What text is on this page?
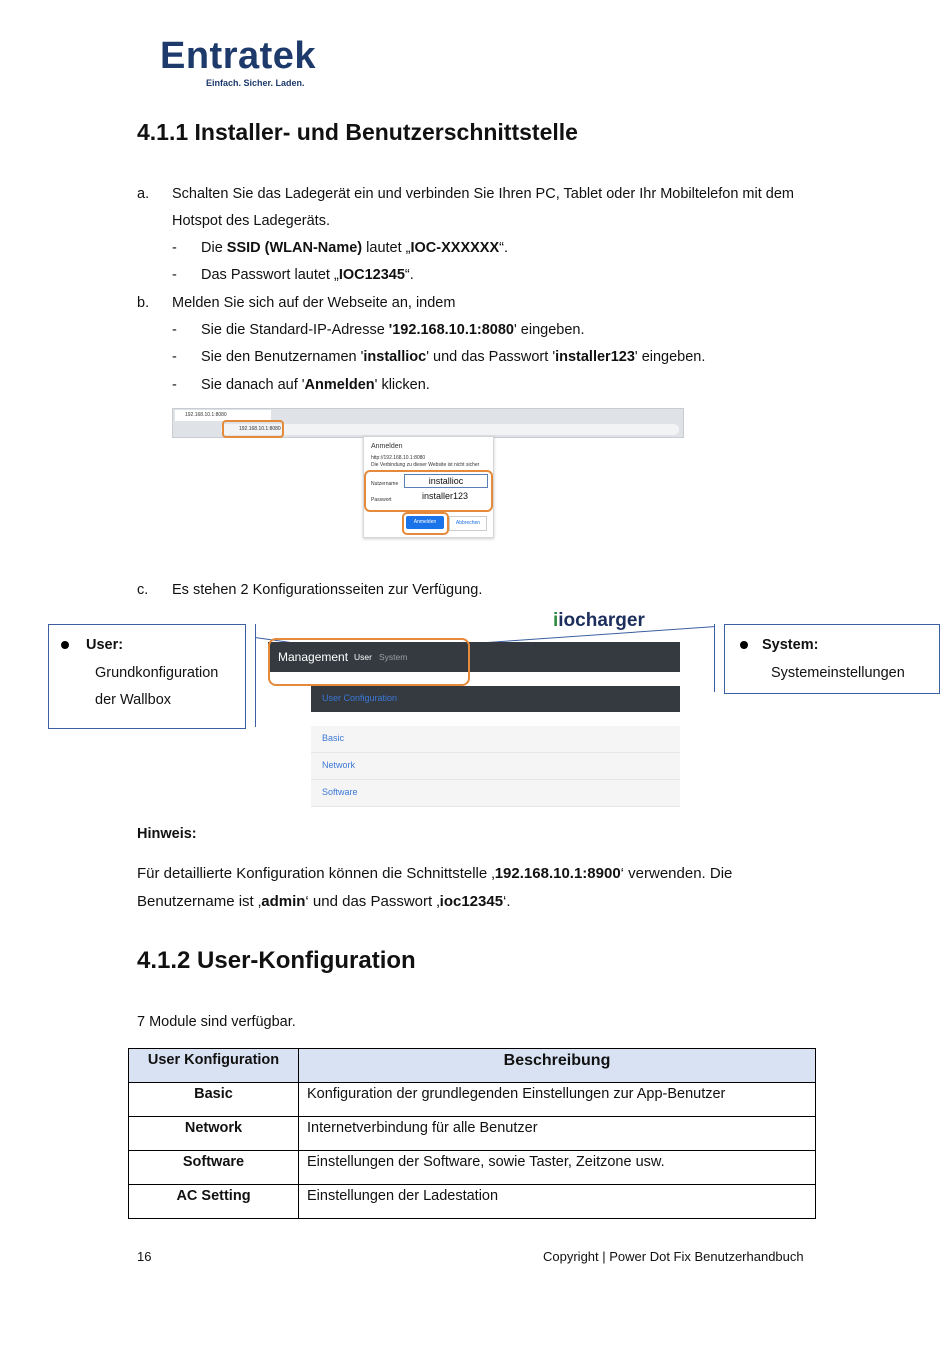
Entratek
Einfach. Sicher. Laden.
4.1.1 Installer- und Benutzerschnittstelle
a. Schalten Sie das Ladegerät ein und verbinden Sie Ihren PC, Tablet oder Ihr Mobiltelefon mit dem
Hotspot des Ladegeräts.
- Die SSID (WLAN-Name) lautet „IOC-XXXXXX“.
- Das Passwort lautet „IOC12345“.
b. Melden Sie sich auf der Webseite an, indem
- Sie die Standard-IP-Adresse '192.168.10.1:8080' eingeben.
- Sie den Benutzernamen 'installioc' und das Passwort 'installer123' eingeben.
- Sie danach auf 'Anmelden' klicken.
192.168.10.1:8080
192.168.10.1:8080
Anmelden
http://192.168.10.1:8080
Die Verbindung zu dieser Website ist nicht sicher
Nutzername
Passwort
installioc
installer123
Anmelden	Abbrechen
c. Es stehen 2 Konfigurationsseiten zur Verfügung.
User:
Grundkonfiguration
der Wallbox
System:
Systemeinstellungen
iiocharger
Management User System
User Configuration
Basic
Network
Software
Hinweis:
Für detaillierte Konfiguration können die Schnittstelle ‚192.168.10.1:8900‘ verwenden. Die
Benutzername ist ‚admin‘ und das Passwort ‚ioc12345‘.
4.1.2 User-Konfiguration
7 Module sind verfügbar.
User Konfiguration	Beschreibung
Basic	Konfiguration der grundlegenden Einstellungen zur App-Benutzer
Network	Internetverbindung für alle Benutzer
Software	Einstellungen der Software, sowie Taster, Zeitzone usw.
AC Setting	Einstellungen der Ladestation
16	Copyright | Power Dot Fix Benutzerhandbuch
